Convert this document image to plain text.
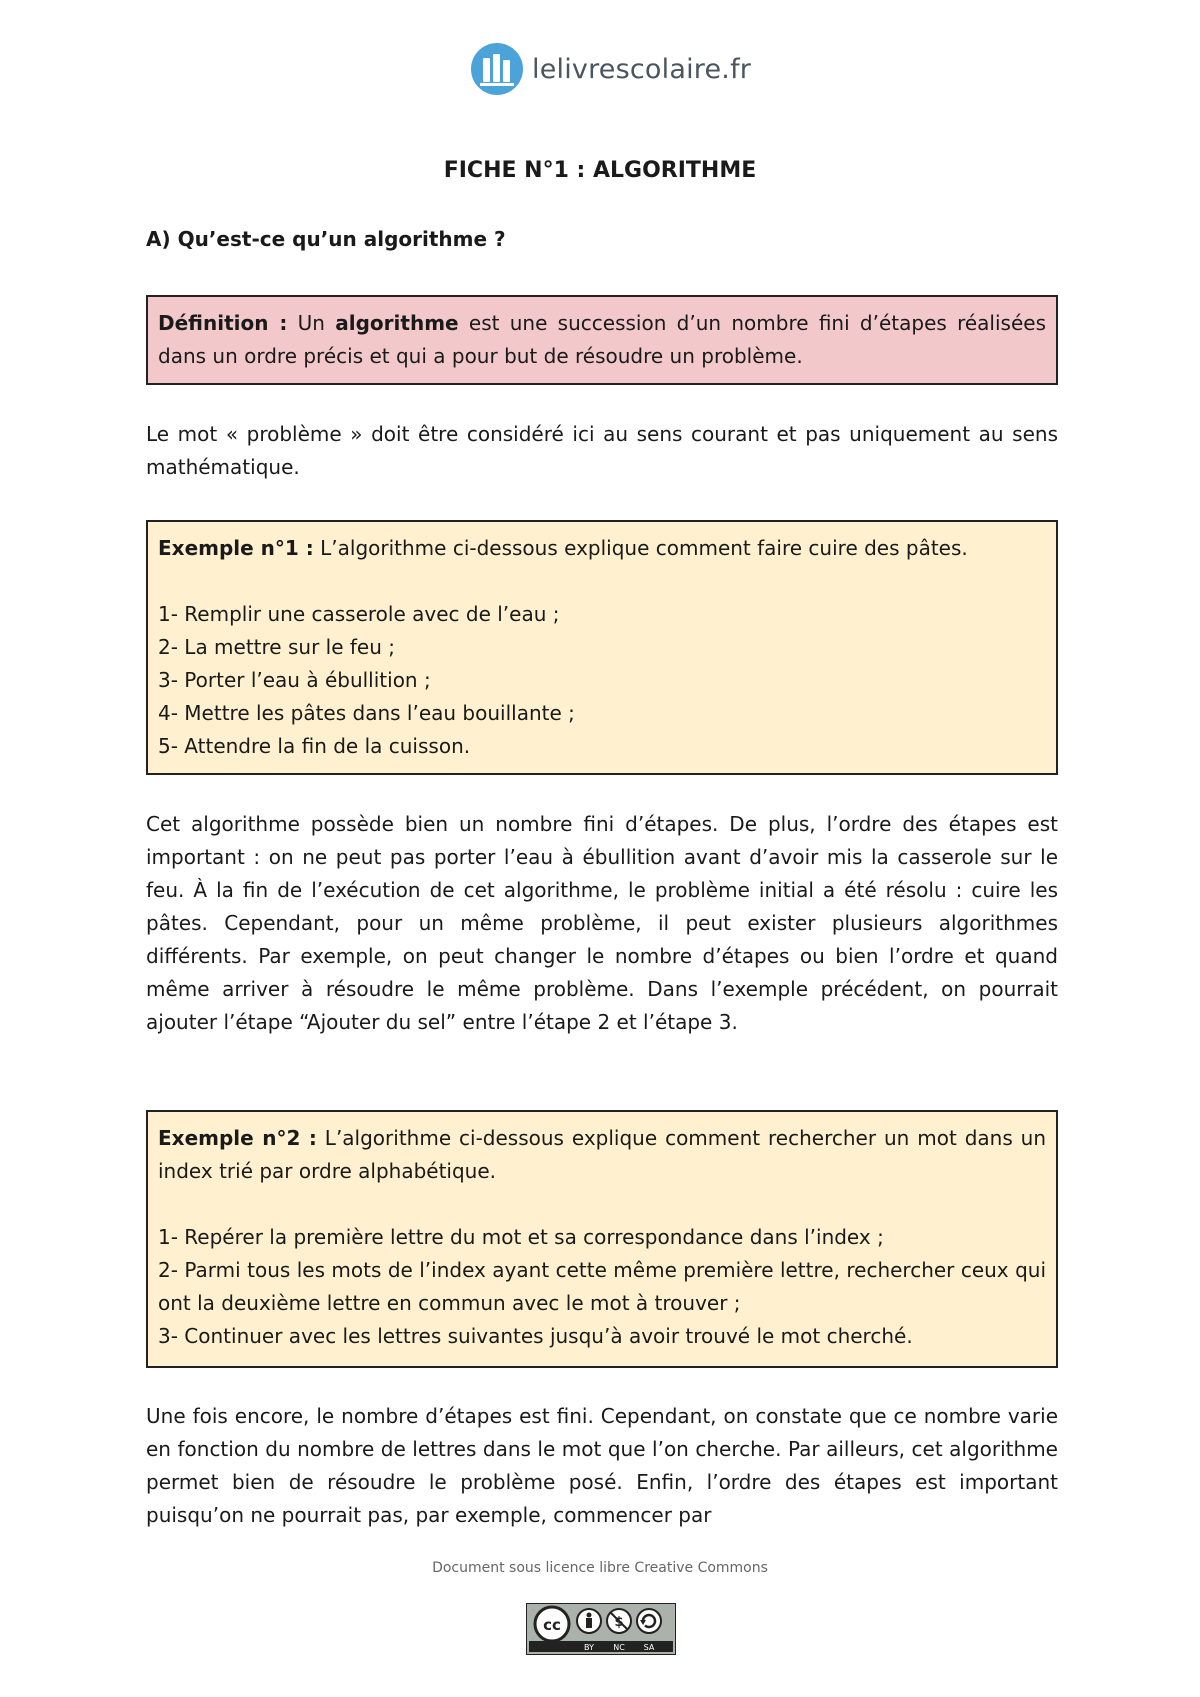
lelivrescolaire.fr
FICHE N°1 : ALGORITHME
A) Qu’est-ce qu’un algorithme ?
Définition : Un algorithme est une succession d’un nombre fini d’étapes réalisées dans un ordre précis et qui a pour but de résoudre un problème.

Le mot « problème » doit être considéré ici au sens courant et pas uniquement au sens mathématique.

Exemple n°1 : L’algorithme ci-dessous explique comment faire cuire des pâtes.

1- Remplir une casserole avec de l’eau ;

2- La mettre sur le feu ;

3- Porter l’eau à ébullition ;

4- Mettre les pâtes dans l’eau bouillante ;

5- Attendre la fin de la cuisson.

Cet algorithme possède bien un nombre fini d’étapes. De plus, l’ordre des étapes est important : on ne peut pas porter l’eau à ébullition avant d’avoir mis la casserole sur le feu. À la fin de l’exécution de cet algorithme, le problème initial a été résolu : cuire les pâtes. Cependant, pour un même problème, il peut exister plusieurs algorithmes différents. Par exemple, on peut changer le nombre d’étapes ou bien l’ordre et quand même arriver à résoudre le même problème. Dans l’exemple précédent, on pourrait ajouter l’étape “Ajouter du sel” entre l’étape 2 et l’étape 3.

Exemple n°2 : L’algorithme ci-dessous explique comment rechercher un mot dans un index trié par ordre alphabétique.

1- Repérer la première lettre du mot et sa correspondance dans l’index ;

2- Parmi tous les mots de l’index ayant cette même première lettre, rechercher ceux qui ont la deuxième lettre en commun avec le mot à trouver ;

3- Continuer avec les lettres suivantes jusqu’à avoir trouvé le mot cherché.

Une fois encore, le nombre d’étapes est fini. Cependant, on constate que ce nombre varie en fonction du nombre de lettres dans le mot que l’on cherche. Par ailleurs, cet algorithme permet bien de résoudre le problème posé. Enfin, l’ordre des étapes est important puisqu’on ne pourrait pas, par exemple, commencer par

Document sous licence libre Creative Commons
cc	$
BY NC SA
